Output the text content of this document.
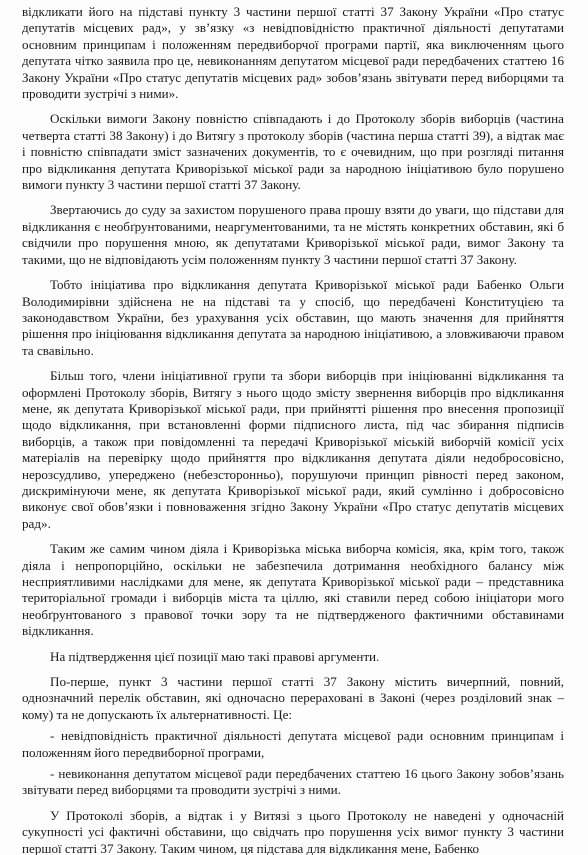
відкликати його на підставі пункту 3 частини першої статті 37 Закону України «Про статус депутатів місцевих рад», у зв’язку «з невідповідністю практичної діяльності депутатами основним принципам і положенням передвиборчої програми партії, яка виключенням цього депутата чітко заявила про це, невиконанням депутатом місцевої ради передбачених статтею 16 Закону України «Про статус депутатів місцевих рад» зобов’язань звітувати перед виборцями та проводити зустрічі з ними».

Оскільки вимоги Закону повністю співпадають і до Протоколу зборів виборців (частина четверта статті 38 Закону) і до Витягу з протоколу зборів (частина перша статті 39), а відтак має і повністю співпадати зміст зазначених документів, то є очевидним, що при розгляді питання про відкликання депутата Криворізької міської ради за народною ініціативою було порушено вимоги пункту 3 частини першої статті 37 Закону.

Звертаючись до суду за захистом порушеного права прошу взяти до уваги, що підстави для відкликання є необґрунтованими, неаргументованими, та не містять конкретних обставин, які б свідчили про порушення мною, як депутатами Криворізької міської ради, вимог Закону та такими, що не відповідають усім положенням пункту 3 частини першої статті 37 Закону.

Тобто ініціатива про відкликання депутата Криворізької міської ради Бабенко Ольги Володимирівни здійснена не на підставі та у спосіб, що передбачені Конституцією та законодавством України, без урахування усіх обставин, що мають значення для прийняття рішення про ініціювання відкликання депутата за народною ініціативою, а зловживаючи правом та свавільно.

Більш того, члени ініціативної групи та збори виборців при ініціюванні відкликання та оформлені Протоколу зборів, Витягу з нього щодо змісту звернення виборців про відкликання мене, як депутата Криворізької міської ради, при прийнятті рішення про внесення пропозиції щодо відкликання, при встановленні форми підписного листа, під час збирання підписів виборців, а також при повідомленні та передачі Криворізької міській виборчій комісії усіх матеріалів на перевірку щодо прийняття про відкликання депутата діяли недобросовісно, нерозсудливо, упереджено (небезсторонньо), порушуючи принцип рівності перед законом, дискримінуючи мене, як депутата Криворізької міської ради, який сумлінно і добросовісно виконує свої обов’язки і повноваження згідно Закону України «Про статус депутатів місцевих рад».

Таким же самим чином діяла і Криворізька міська виборча комісія, яка, крім того, також діяла і непропорційно, оскільки не забезпечила дотримання необхідного балансу між несприятливими наслідками для мене, як депутата Криворізької міської ради – представника територіальної громади і виборців міста та ціллю, які ставили перед собою ініціатори мого необґрунтованого з правової точки зору та не підтвердженого фактичними обставинами відкликання.

На підтвердження цієї позиції маю такі правові аргументи.

По-перше, пункт 3 частини першої статті 37 Закону містить вичерпний, повний, однозначний перелік обставин, які одночасно перераховані в Законі (через розділовий знак – кому) та не допускають їх альтернативності. Це:

- невідповідність практичної діяльності депутата місцевої ради основним принципам і положенням його передвиборної програми,

- невиконання депутатом місцевої ради передбачених статтею 16 цього Закону зобов’язань звітувати перед виборцями та проводити зустрічі з ними.

У Протоколі зборів, а відтак і у Витязі з цього Протоколу не наведені у одночасній сукупності усі фактичні обставини, що свідчать про порушення усіх вимог пункту 3 частини першої статті 37 Закону. Таким чином, ця підстава для відкликання мене, Бабенко
